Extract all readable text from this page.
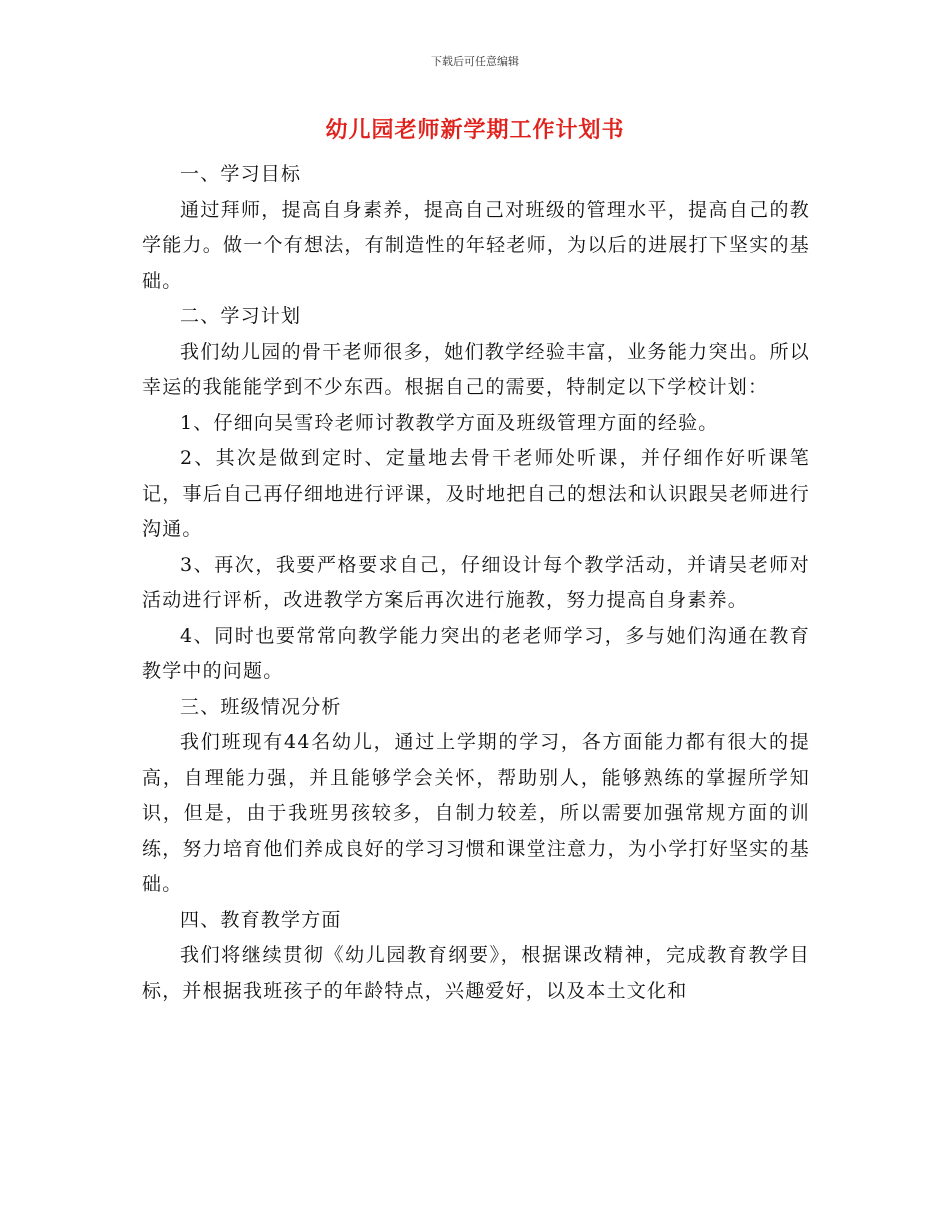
下载后可任意编辑
幼儿园老师新学期工作计划书

一、学习目标

通过拜师，提高自身素养，提高自己对班级的管理水平，提高自己的教学能力。做一个有想法，有制造性的年轻老师，为以后的进展打下坚实的基础。

二、学习计划

我们幼儿园的骨干老师很多，她们教学经验丰富，业务能力突出。所以幸运的我能能学到不少东西。根据自己的需要，特制定以下学校计划：

1、仔细向吴雪玲老师讨教教学方面及班级管理方面的经验。

2、其次是做到定时、定量地去骨干老师处听课，并仔细作好听课笔记，事后自己再仔细地进行评课，及时地把自己的想法和认识跟吴老师进行沟通。

3、再次，我要严格要求自己，仔细设计每个教学活动，并请吴老师对活动进行评析，改进教学方案后再次进行施教，努力提高自身素养。

4、同时也要常常向教学能力突出的老老师学习，多与她们沟通在教育教学中的问题。

三、班级情况分析

我们班现有44名幼儿，通过上学期的学习，各方面能力都有很大的提高，自理能力强，并且能够学会关怀，帮助别人，能够熟练的掌握所学知识，但是，由于我班男孩较多，自制力较差，所以需要加强常规方面的训练，努力培育他们养成良好的学习习惯和课堂注意力，为小学打好坚实的基础。

四、教育教学方面

我们将继续贯彻《幼儿园教育纲要》，根据课改精神，完成教育教学目标，并根据我班孩子的年龄特点，兴趣爱好，以及本土文化和
